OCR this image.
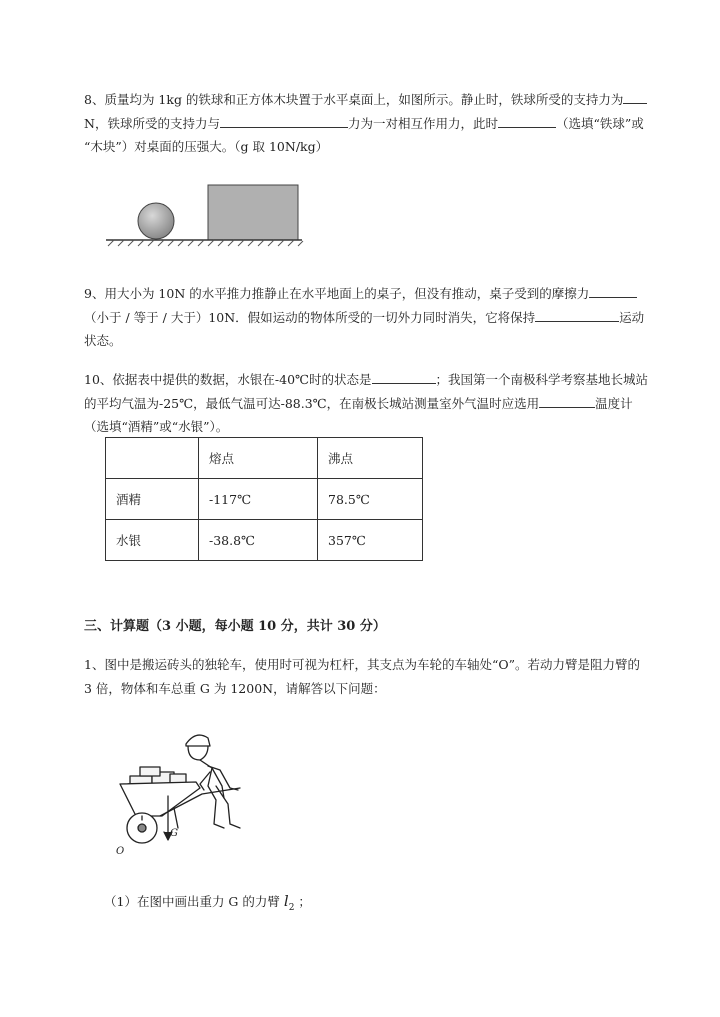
8、质量均为 1kg 的铁球和正方体木块置于水平桌面上，如图所示。静止时，铁球所受的支持力为
N，铁球所受的支持力与	力为一对相互作用力，此时	（选填“铁球”或
“木块”）对桌面的压强大。（g 取 10N/kg）
9、用大小为 10N 的水平推力推静止在水平地面上的桌子，但没有推动，桌子受到的摩擦力
（小于 / 等于 / 大于）10N．假如运动的物体所受的一切外力同时消失，它将保持	运动
状态。
10、依据表中提供的数据，水银在-40℃时的状态是	；我国第一个南极科学考察基地长城站
的平均气温为-25℃，最低气温可达-88.3℃，在南极长城站测量室外气温时应选用	温度计
（选填“酒精”或“水银”）。
	熔点	沸点
酒精	-117℃	78.5℃
水银	-38.8℃	357℃
三、计算题（3 小题，每小题 10 分，共计 30 分）
1、图中是搬运砖头的独轮车，使用时可视为杠杆，其支点为车轮的车轴处“O”。若动力臂是阻力臂的
3 倍，物体和车总重 G 为 1200N，请解答以下问题：
O
G
（1）在图中画出重力 G 的力臂 $l_2$ ；
